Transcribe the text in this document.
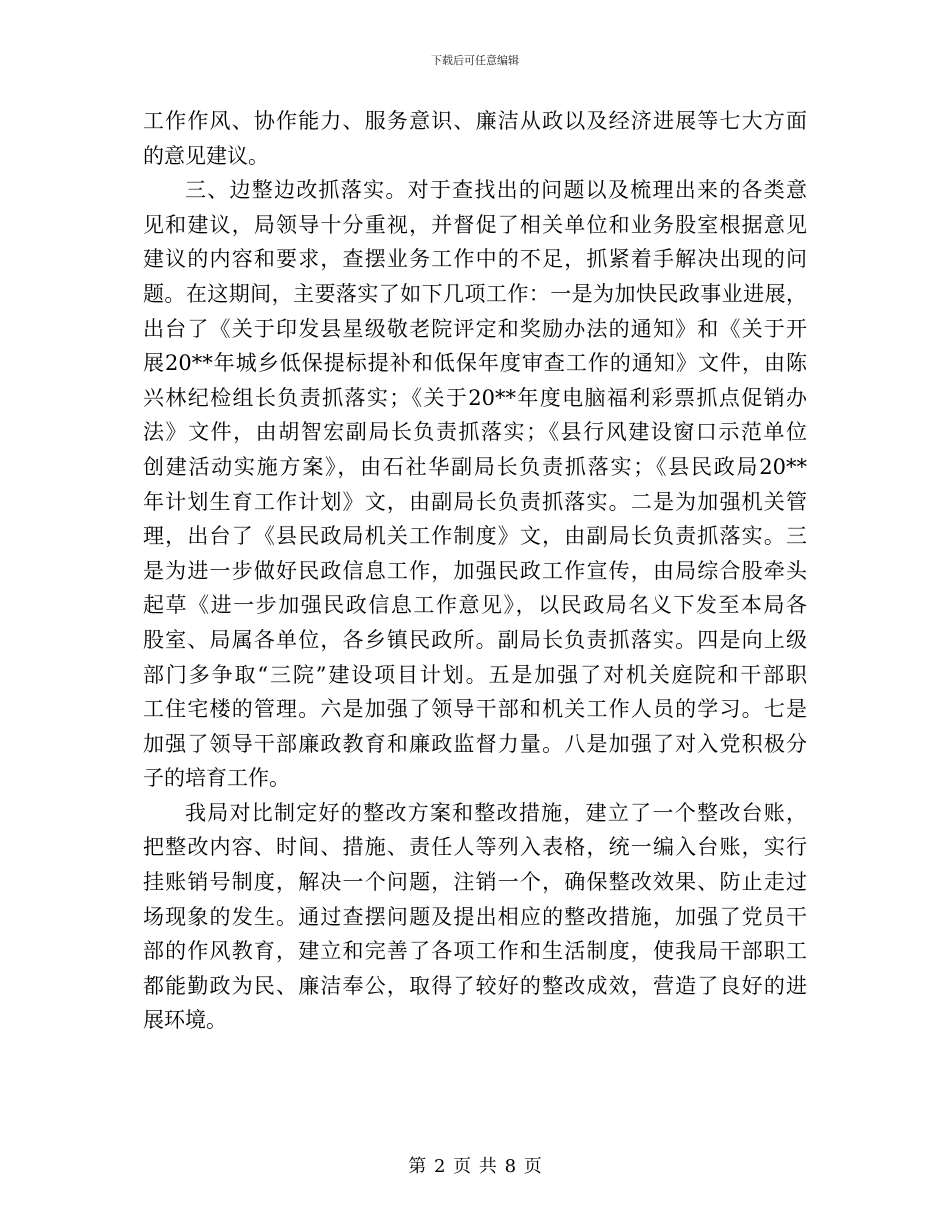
下载后可任意编辑
工作作风、协作能力、服务意识、廉洁从政以及经济进展等七大方面
的意见建议。
三、边整边改抓落实。对于查找出的问题以及梳理出来的各类意
见和建议，局领导十分重视，并督促了相关单位和业务股室根据意见
建议的内容和要求，查摆业务工作中的不足，抓紧着手解决出现的问
题。在这期间，主要落实了如下几项工作：一是为加快民政事业进展，
出台了《关于印发县星级敬老院评定和奖励办法的通知》和《关于开
展20**年城乡低保提标提补和低保年度审查工作的通知》文件，由陈
兴林纪检组长负责抓落实；《关于20**年度电脑福利彩票抓点促销办
法》文件，由胡智宏副局长负责抓落实；《县行风建设窗口示范单位
创建活动实施方案》，由石社华副局长负责抓落实；《县民政局20**
年计划生育工作计划》文，由副局长负责抓落实。二是为加强机关管
理，出台了《县民政局机关工作制度》文，由副局长负责抓落实。三
是为进一步做好民政信息工作，加强民政工作宣传，由局综合股牵头
起草《进一步加强民政信息工作意见》，以民政局名义下发至本局各
股室、局属各单位，各乡镇民政所。副局长负责抓落实。四是向上级
部门多争取“三院”建设项目计划。五是加强了对机关庭院和干部职
工住宅楼的管理。六是加强了领导干部和机关工作人员的学习。七是
加强了领导干部廉政教育和廉政监督力量。八是加强了对入党积极分
子的培育工作。
我局对比制定好的整改方案和整改措施，建立了一个整改台账，
把整改内容、时间、措施、责任人等列入表格，统一编入台账，实行
挂账销号制度，解决一个问题，注销一个，确保整改效果、防止走过
场现象的发生。通过查摆问题及提出相应的整改措施，加强了党员干
部的作风教育，建立和完善了各项工作和生活制度，使我局干部职工
都能勤政为民、廉洁奉公，取得了较好的整改成效，营造了良好的进
展环境。
第 2 页 共 8 页
